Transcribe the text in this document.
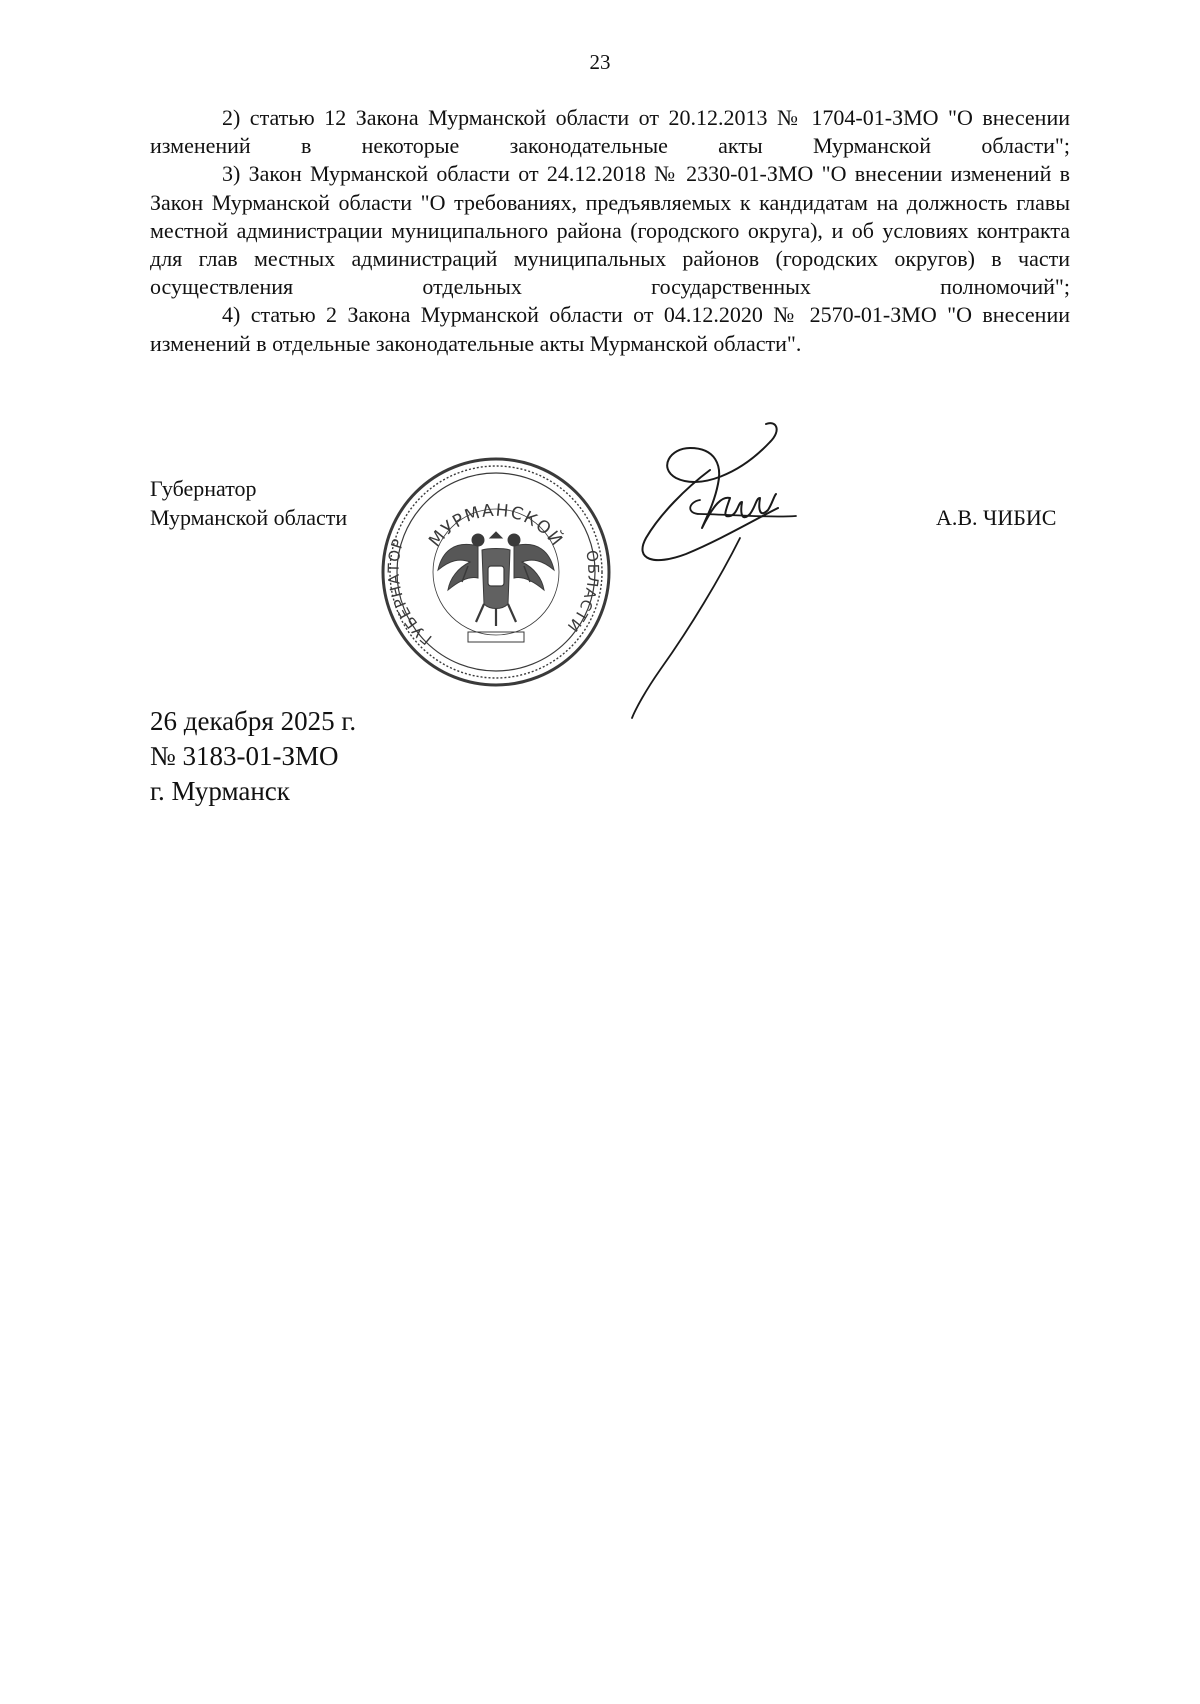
23

2) статью 12 Закона Мурманской области от 20.12.2013 № 1704-01-ЗМО "О внесении изменений в некоторые законодательные акты Мурманской области";

3) Закон Мурманской области от 24.12.2018 № 2330-01-ЗМО "О внесении изменений в Закон Мурманской области "О требованиях, предъявляемых к кандидатам на должность главы местной администрации муниципального района (городского округа), и об условиях контракта для глав местных администраций муниципальных районов (городских округов) в части осуществления отдельных государственных	полномочий";

4) статью 2 Закона Мурманской области от 04.12.2020 № 2570-01-ЗМО "О внесении изменений в отдельные законодательные акты Мурманской области".

Губернатор
Мурманской области	А.В. ЧИБИС
МУРМАНСКОЙ
ГУБЕРНАТОР
ОБЛАСТИ
26 декабря 2025 г.
№ 3183-01-ЗМО
г. Мурманск
